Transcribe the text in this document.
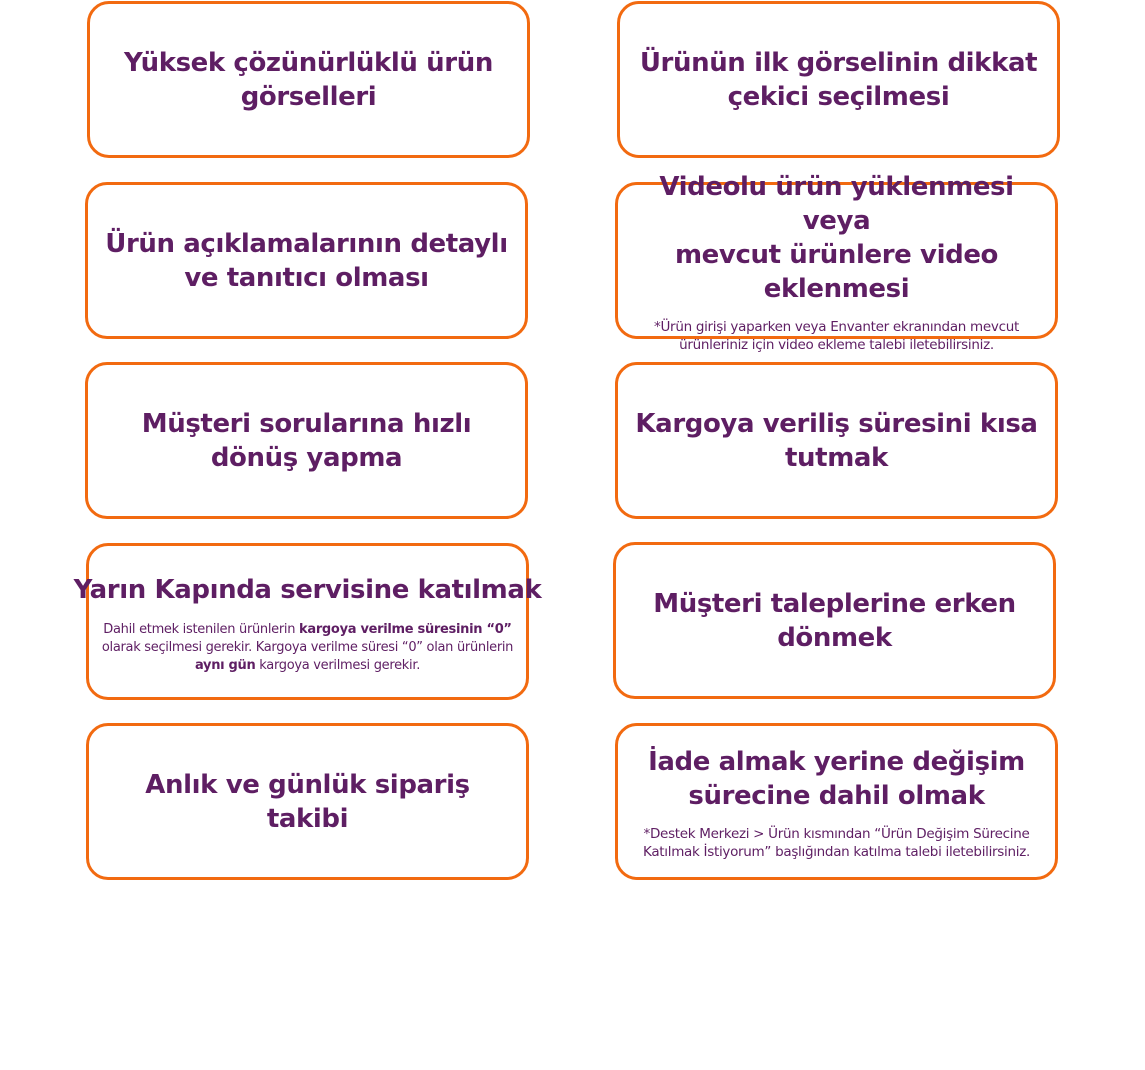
Yüksek çözünürlüklü ürün
görselleri

Ürünün ilk görselinin dikkat
çekici seçilmesi

Ürün açıklamalarının detaylı
ve tanıtıcı olması

Videolu ürün yüklenmesi veya
mevcut ürünlere video eklenmesi

*Ürün girişi yaparken veya Envanter ekranından mevcut
ürünleriniz için video ekleme talebi iletebilirsiniz.

Müşteri sorularına hızlı
dönüş yapma

Kargoya veriliş süresini kısa
tutmak

Yarın Kapında servisine katılmak

Dahil etmek istenilen ürünlerin kargoya verilme süresinin “0”
olarak seçilmesi gerekir. Kargoya verilme süresi “0” olan ürünlerin
aynı gün kargoya verilmesi gerekir.

Müşteri taleplerine erken
dönmek

Anlık ve günlük sipariş
takibi

İade almak yerine değişim
sürecine dahil olmak

*Destek Merkezi > Ürün kısmından “Ürün Değişim Sürecine
Katılmak İstiyorum” başlığından katılma talebi iletebilirsiniz.
